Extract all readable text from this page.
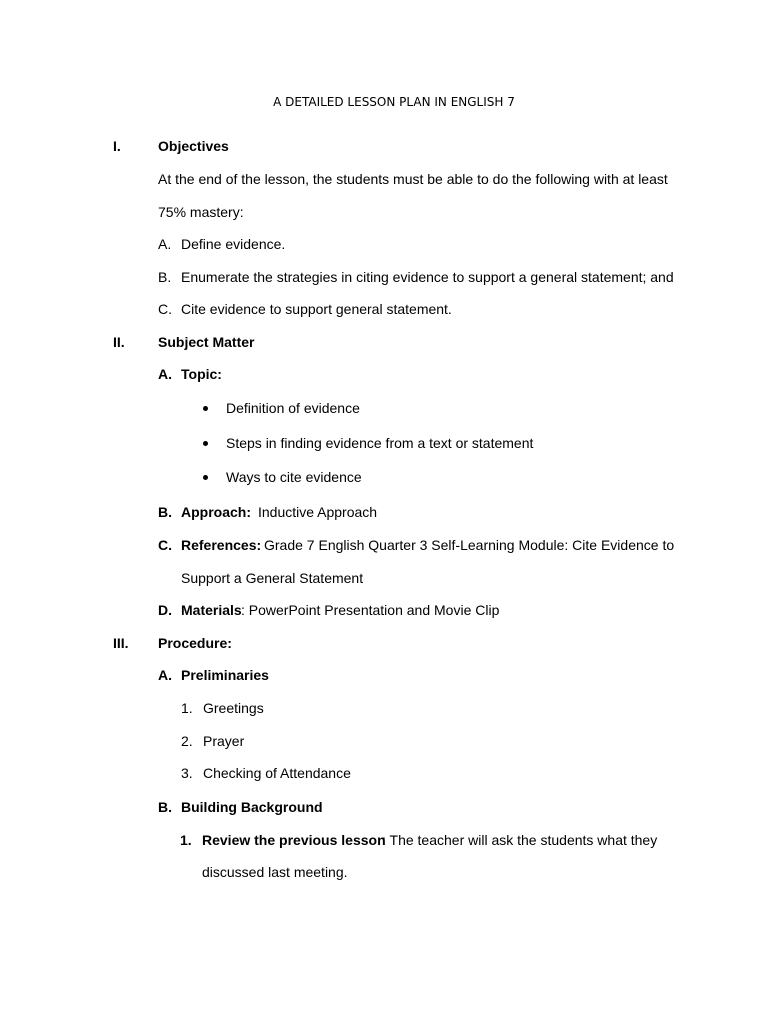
A DETAILED LESSON PLAN IN ENGLISH 7
I.	Objectives
At the end of the lesson, the students must be able to do the following with at least
75% mastery:
A. Define evidence.
B. Enumerate the strategies in citing evidence to support a general statement; and
C. Cite evidence to support general statement.
II. Subject Matter
A. Topic:
Definition of evidence
Steps in finding evidence from a text or statement
Ways to cite evidence
B. Approach: Inductive Approach
C. References: Grade 7 English Quarter 3 Self-Learning Module: Cite Evidence to
Support a General Statement
D. Materials : PowerPoint Presentation and Movie Clip
III. Procedure:
A. Preliminaries
1. Greetings
2. Prayer
3. Checking of Attendance
B. Building Background
1. Review the previous lesson
: The teacher will ask the students what they
discussed last meeting.
